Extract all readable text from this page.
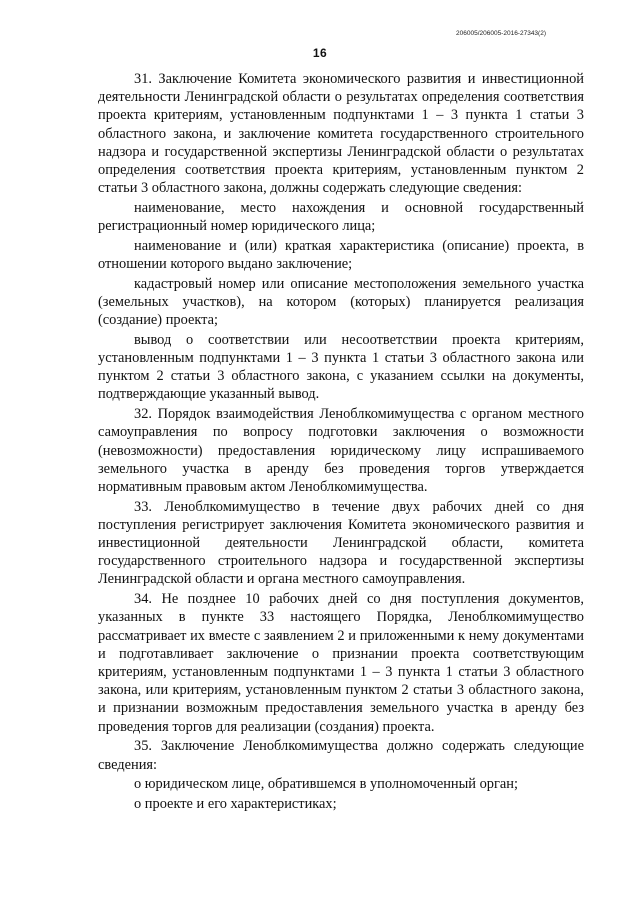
206005/206005-2016-27343(2)
16

31. Заключение Комитета экономического развития и инвестиционной деятельности Ленинградской области о результатах определения соответствия проекта критериям, установленным подпунктами 1 – 3 пункта 1 статьи 3 областного закона, и заключение комитета государственного строительного надзора и государственной экспертизы Ленинградской области о результатах определения соответствия проекта критериям, установленным пунктом 2 статьи 3 областного закона, должны содержать следующие сведения:

наименование, место нахождения и основной государственный регистрационный номер юридического лица;

наименование и (или) краткая характеристика (описание) проекта, в отношении которого выдано заключение;

кадастровый номер или описание местоположения земельного участка (земельных участков), на котором (которых) планируется реализация (создание) проекта;

вывод о соответствии или несоответствии проекта критериям, установленным подпунктами 1 – 3 пункта 1 статьи 3 областного закона или пунктом 2 статьи 3 областного закона, с указанием ссылки на документы, подтверждающие указанный вывод.

32. Порядок взаимодействия Леноблкомимущества с органом местного самоуправления по вопросу подготовки заключения о возможности (невозможности) предоставления юридическому лицу испрашиваемого земельного участка в аренду без проведения торгов утверждается нормативным правовым актом Леноблкомимущества.

33. Леноблкомимущество в течение двух рабочих дней со дня поступления регистрирует заключения Комитета экономического развития и инвестиционной деятельности Ленинградской области, комитета государственного строительного надзора и государственной экспертизы Ленинградской области и органа местного самоуправления.

34. Не позднее 10 рабочих дней со дня поступления документов, указанных в пункте 33 настоящего Порядка, Леноблкомимущество рассматривает их вместе с заявлением 2 и приложенными к нему документами и подготавливает заключение о признании проекта соответствующим критериям, установленным подпунктами 1 – 3 пункта 1 статьи 3 областного закона, или критериям, установленным пунктом 2 статьи 3 областного закона, и признании возможным предоставления земельного участка в аренду без проведения торгов для реализации (создания) проекта.

35. Заключение Леноблкомимущества должно содержать следующие сведения:

о юридическом лице, обратившемся в уполномоченный орган;

о проекте и его характеристиках;
